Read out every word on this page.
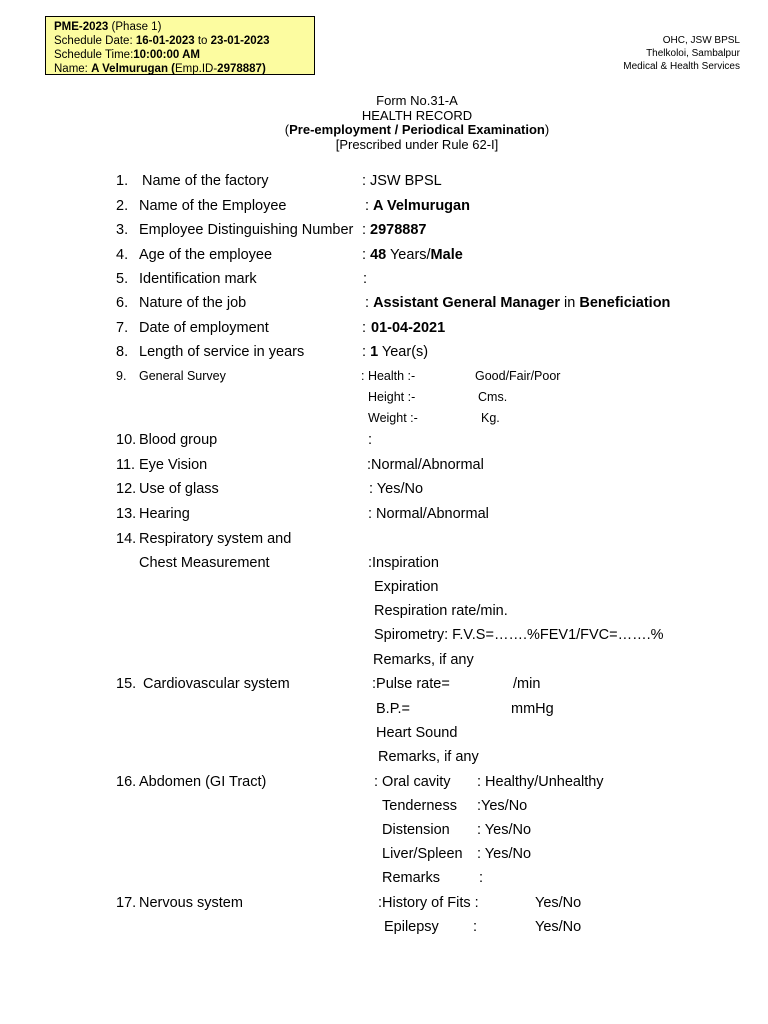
PME-2023 (Phase 1)
Schedule Date: 16-01-2023 to 23-01-2023
Schedule Time:10:00:00 AM
Name: A Velmurugan (Emp.ID-2978887)
OHC, JSW BPSL
Thelkoloi, Sambalpur
Medical & Health Services
Form No.31-A
HEALTH RECORD
(Pre-employment / Periodical Examination)
[Prescribed under Rule 62-I]
1. Name of the factory	: JSW BPSL
2. Name of the Employee	: A Velmurugan
3. Employee Distinguishing Number : 2978887
4. Age of the employee	: 48 Years/Male
5. Identification mark	:
6. Nature of the job	: Assistant General Manager in Beneficiation
7. Date of employment	: 01-04-2021
8. Length of service in years	: 1 Year(s)
9. General Survey	: Health :-	Good/Fair/Poor
Height :-	Cms.
Weight :-	Kg.
10. Blood group	:
11. Eye Vision	:Normal/Abnormal
12. Use of glass	: Yes/No
13. Hearing	: Normal/Abnormal
14. Respiratory system and
Chest Measurement	:Inspiration
Expiration
Respiration rate/min.
Spirometry: F.V.S=…….%FEV1/FVC=…….%
Remarks, if any
15. Cardiovascular system	:Pulse rate=	/min
B.P.=	mmHg
Heart Sound
Remarks, if any
16. Abdomen (GI Tract)	: Oral cavity : Healthy/Unhealthy
Tenderness :Yes/No
Distension : Yes/No
Liver/Spleen : Yes/No
Remarks	:
17. Nervous system	:History of Fits :	Yes/No
Epilepsy :	Yes/No
